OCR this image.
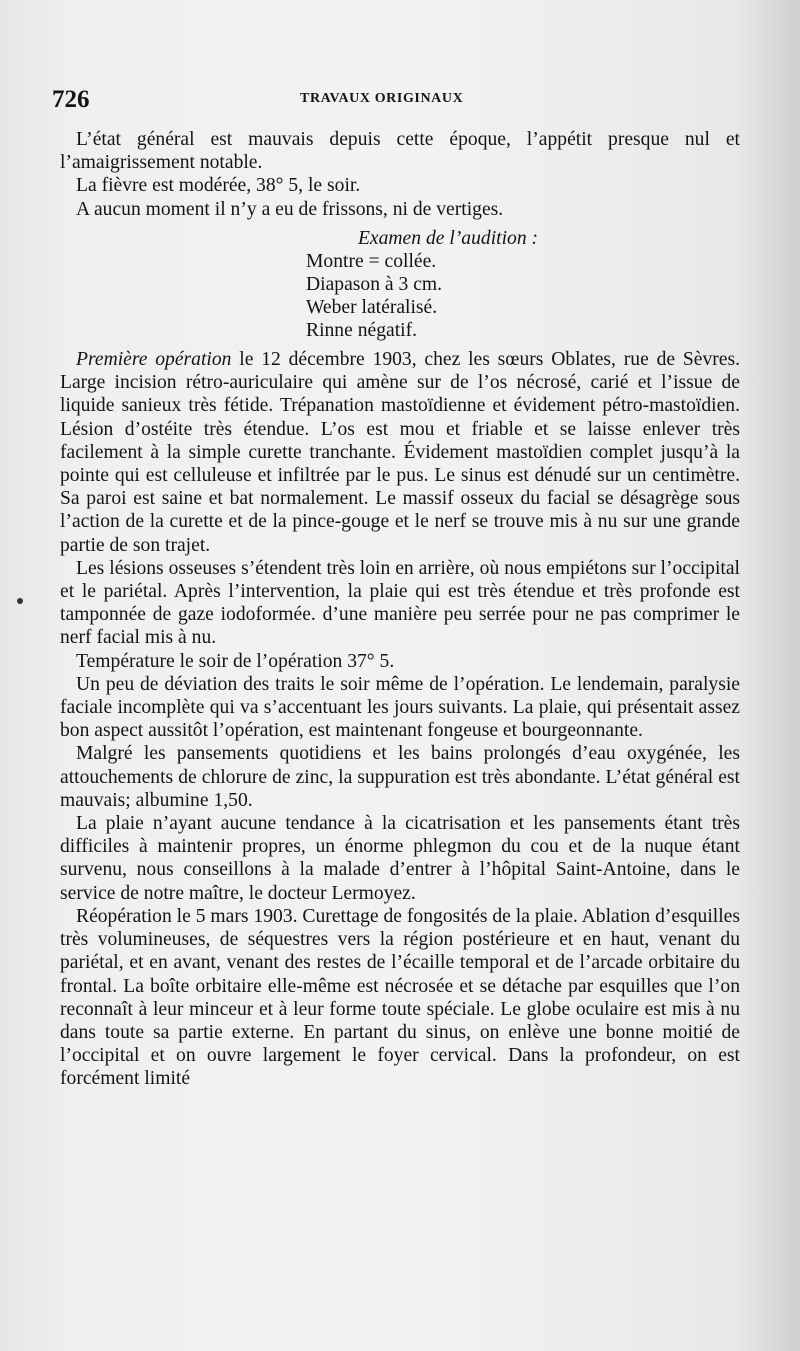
726	TRAVAUX ORIGINAUX

L’état général est mauvais depuis cette époque, l’appétit presque nul et l’amaigrissement notable.

La fièvre est modérée, 38° 5, le soir.

A aucun moment il n’y a eu de frissons, ni de vertiges.

Examen de l’audition :

Montre = collée.
Diapason à 3 cm.
Weber latéralisé.
Rinne négatif.

Première opération le 12 décembre 1903, chez les sœurs Oblates, rue de Sèvres. Large incision rétro-auriculaire qui amène sur de l’os nécrosé, carié et l’issue de liquide sanieux très fétide. Trépanation mastoïdienne et évidement pétro-mastoïdien. Lésion d’ostéite très étendue. L’os est mou et friable et se laisse enlever très facilement à la simple curette tranchante. Évidement mastoïdien complet jusqu’à la pointe qui est celluleuse et infiltrée par le pus. Le sinus est dénudé sur un centimètre. Sa paroi est saine et bat normalement. Le massif osseux du facial se désagrège sous l’action de la curette et de la pince-gouge et le nerf se trouve mis à nu sur une grande partie de son trajet.

Les lésions osseuses s’étendent très loin en arrière, où nous empiétons sur l’occipital et le pariétal. Après l’intervention, la plaie qui est très étendue et très profonde est tamponnée de gaze iodoformée. d’une manière peu serrée pour ne pas comprimer le nerf facial mis à nu.

Température le soir de l’opération 37° 5.

Un peu de déviation des traits le soir même de l’opération. Le lendemain, paralysie faciale incomplète qui va s’accentuant les jours suivants. La plaie, qui présentait assez bon aspect aussitôt l’opération, est maintenant fongeuse et bourgeonnante.

Malgré les pansements quotidiens et les bains prolongés d’eau oxygénée, les attouchements de chlorure de zinc, la suppuration est très abondante. L’état général est mauvais; albumine 1,50.

La plaie n’ayant aucune tendance à la cicatrisation et les pansements étant très difficiles à maintenir propres, un énorme phlegmon du cou et de la nuque étant survenu, nous conseillons à la malade d’entrer à l’hôpital Saint-Antoine, dans le service de notre maître, le docteur Lermoyez.

Réopération le 5 mars 1903. Curettage de fongosités de la plaie. Ablation d’esquilles très volumineuses, de séquestres vers la région postérieure et en haut, venant du pariétal, et en avant, venant des restes de l’écaille temporal et de l’arcade orbitaire du frontal. La boîte orbitaire elle-même est nécrosée et se détache par esquilles que l’on reconnaît à leur minceur et à leur forme toute spéciale. Le globe oculaire est mis à nu dans toute sa partie externe. En partant du sinus, on enlève une bonne moitié de l’occipital et on ouvre largement le foyer cervical. Dans la profondeur, on est forcément limité
